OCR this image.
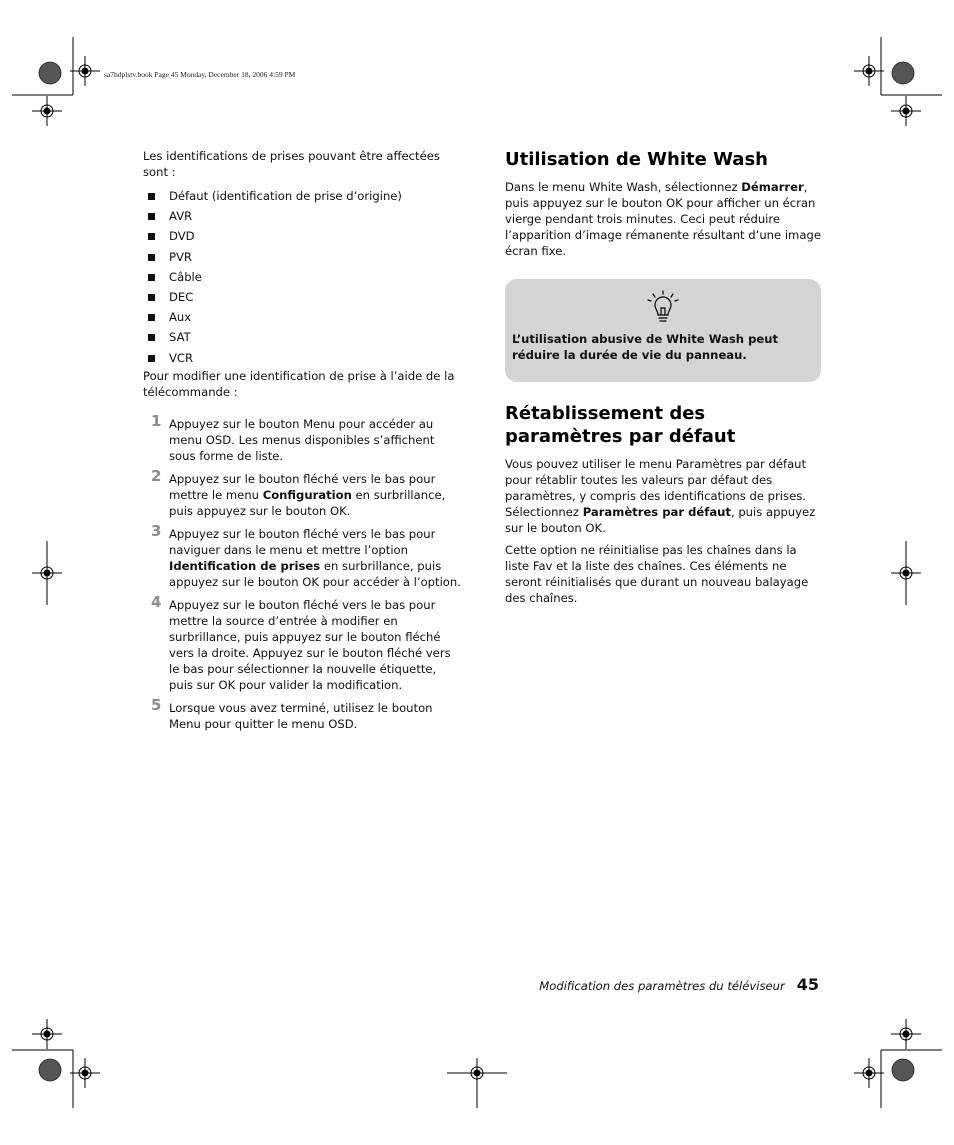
sa7hdplstv.book Page 45 Monday, December 18, 2006 4:59 PM

Les identifications de prises pouvant être affectées sont :

Défaut (identification de prise d’origine)
AVR
DVD
PVR
Câble
DEC
Aux
SAT
VCR

Pour modifier une identification de prise à l’aide de la télécommande :

1 Appuyez sur le bouton Menu pour accéder au menu OSD. Les menus disponibles s’affichent sous forme de liste.
2 Appuyez sur le bouton fléché vers le bas pour mettre le menu Configuration en surbrillance, puis appuyez sur le bouton OK.
3 Appuyez sur le bouton fléché vers le bas pour naviguer dans le menu et mettre l’option Identification de prises en surbrillance, puis appuyez sur le bouton OK pour accéder à l’option.
4 Appuyez sur le bouton fléché vers le bas pour mettre la source d’entrée à modifier en surbrillance, puis appuyez sur le bouton fléché vers la droite. Appuyez sur le bouton fléché vers le bas pour sélectionner la nouvelle étiquette, puis sur OK pour valider la modification.
5 Lorsque vous avez terminé, utilisez le bouton Menu pour quitter le menu OSD.
Utilisation de White Wash

Dans le menu White Wash, sélectionnez Démarrer, puis appuyez sur le bouton OK pour afficher un écran vierge pendant trois minutes. Ceci peut réduire l’apparition d’image rémanente résultant d’une image écran fixe.

L’utilisation abusive de White Wash peut réduire la durée de vie du panneau.
Rétablissement des paramètres par défaut

Vous pouvez utiliser le menu Paramètres par défaut pour rétablir toutes les valeurs par défaut des paramètres, y compris des identifications de prises. Sélectionnez Paramètres par défaut, puis appuyez sur le bouton OK.

Cette option ne réinitialise pas les chaînes dans la liste Fav et la liste des chaînes. Ces éléments ne seront réinitialisés que durant un nouveau balayage des chaînes.

Modification des paramètres du téléviseur 45
